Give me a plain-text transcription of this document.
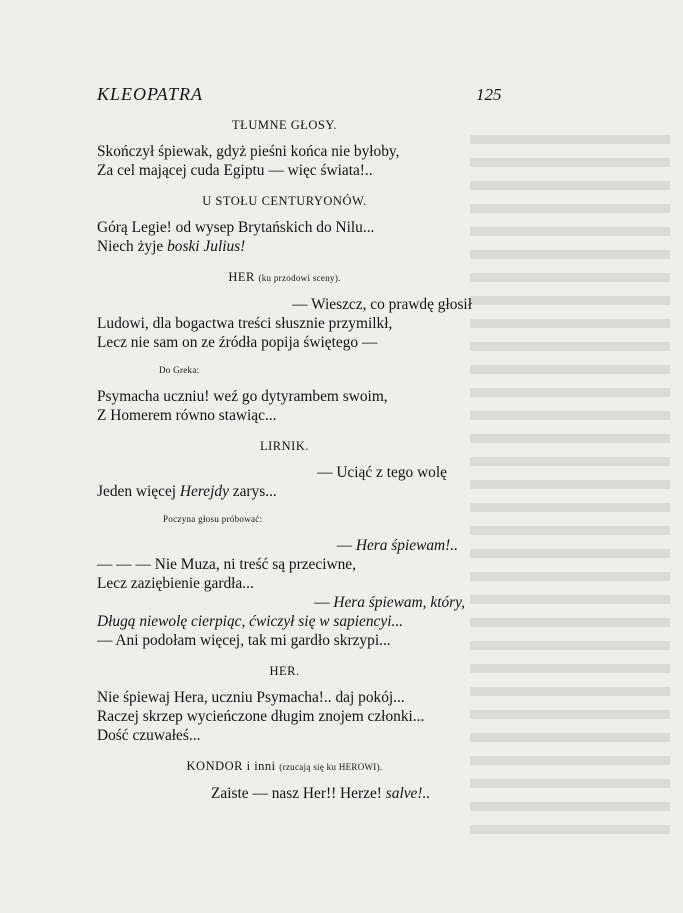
KLEOPATRA	125
TŁUMNE GŁOSY.
Skończył śpiewak, gdyż pieśni końca nie byłoby,
Za cel mającej cuda Egiptu — więc świata!..
U STOŁU CENTURYONÓW.
Górą Legie! od wysep Brytańskich do Nilu...
Niech żyje boski Julius!
HER (ku przodowi sceny).
— Wieszcz, co prawdę głosił
Ludowi, dla bogactwa treści słusznie przymilkł,
Lecz nie sam on ze źródła popija świętego —
Do Greka:
Psymacha uczniu! weź go dytyrambem swoim,
Z Homerem równo stawiąc...
LIRNIK.
— Uciąć z tego wolę
Jeden więcej Herejdy zarys...
Poczyna głosu próbować:
— Hera śpiewam!..
— — — Nie Muza, ni treść są przeciwne,
Lecz zaziębienie gardła...
— Hera śpiewam, który,
Długą niewolę cierpiąc, ćwiczył się w sapiencyi...
— Ani podołam więcej, tak mi gardło skrzypi...
HER.
Nie śpiewaj Hera, uczniu Psymacha!.. daj pokój...
Raczej skrzep wycieńczone długim znojem członki...
Dość czuwałeś...
KONDOR i inni (rzucają się ku HEROWI).
Zaiste — nasz Her!! Herze! salve!..
